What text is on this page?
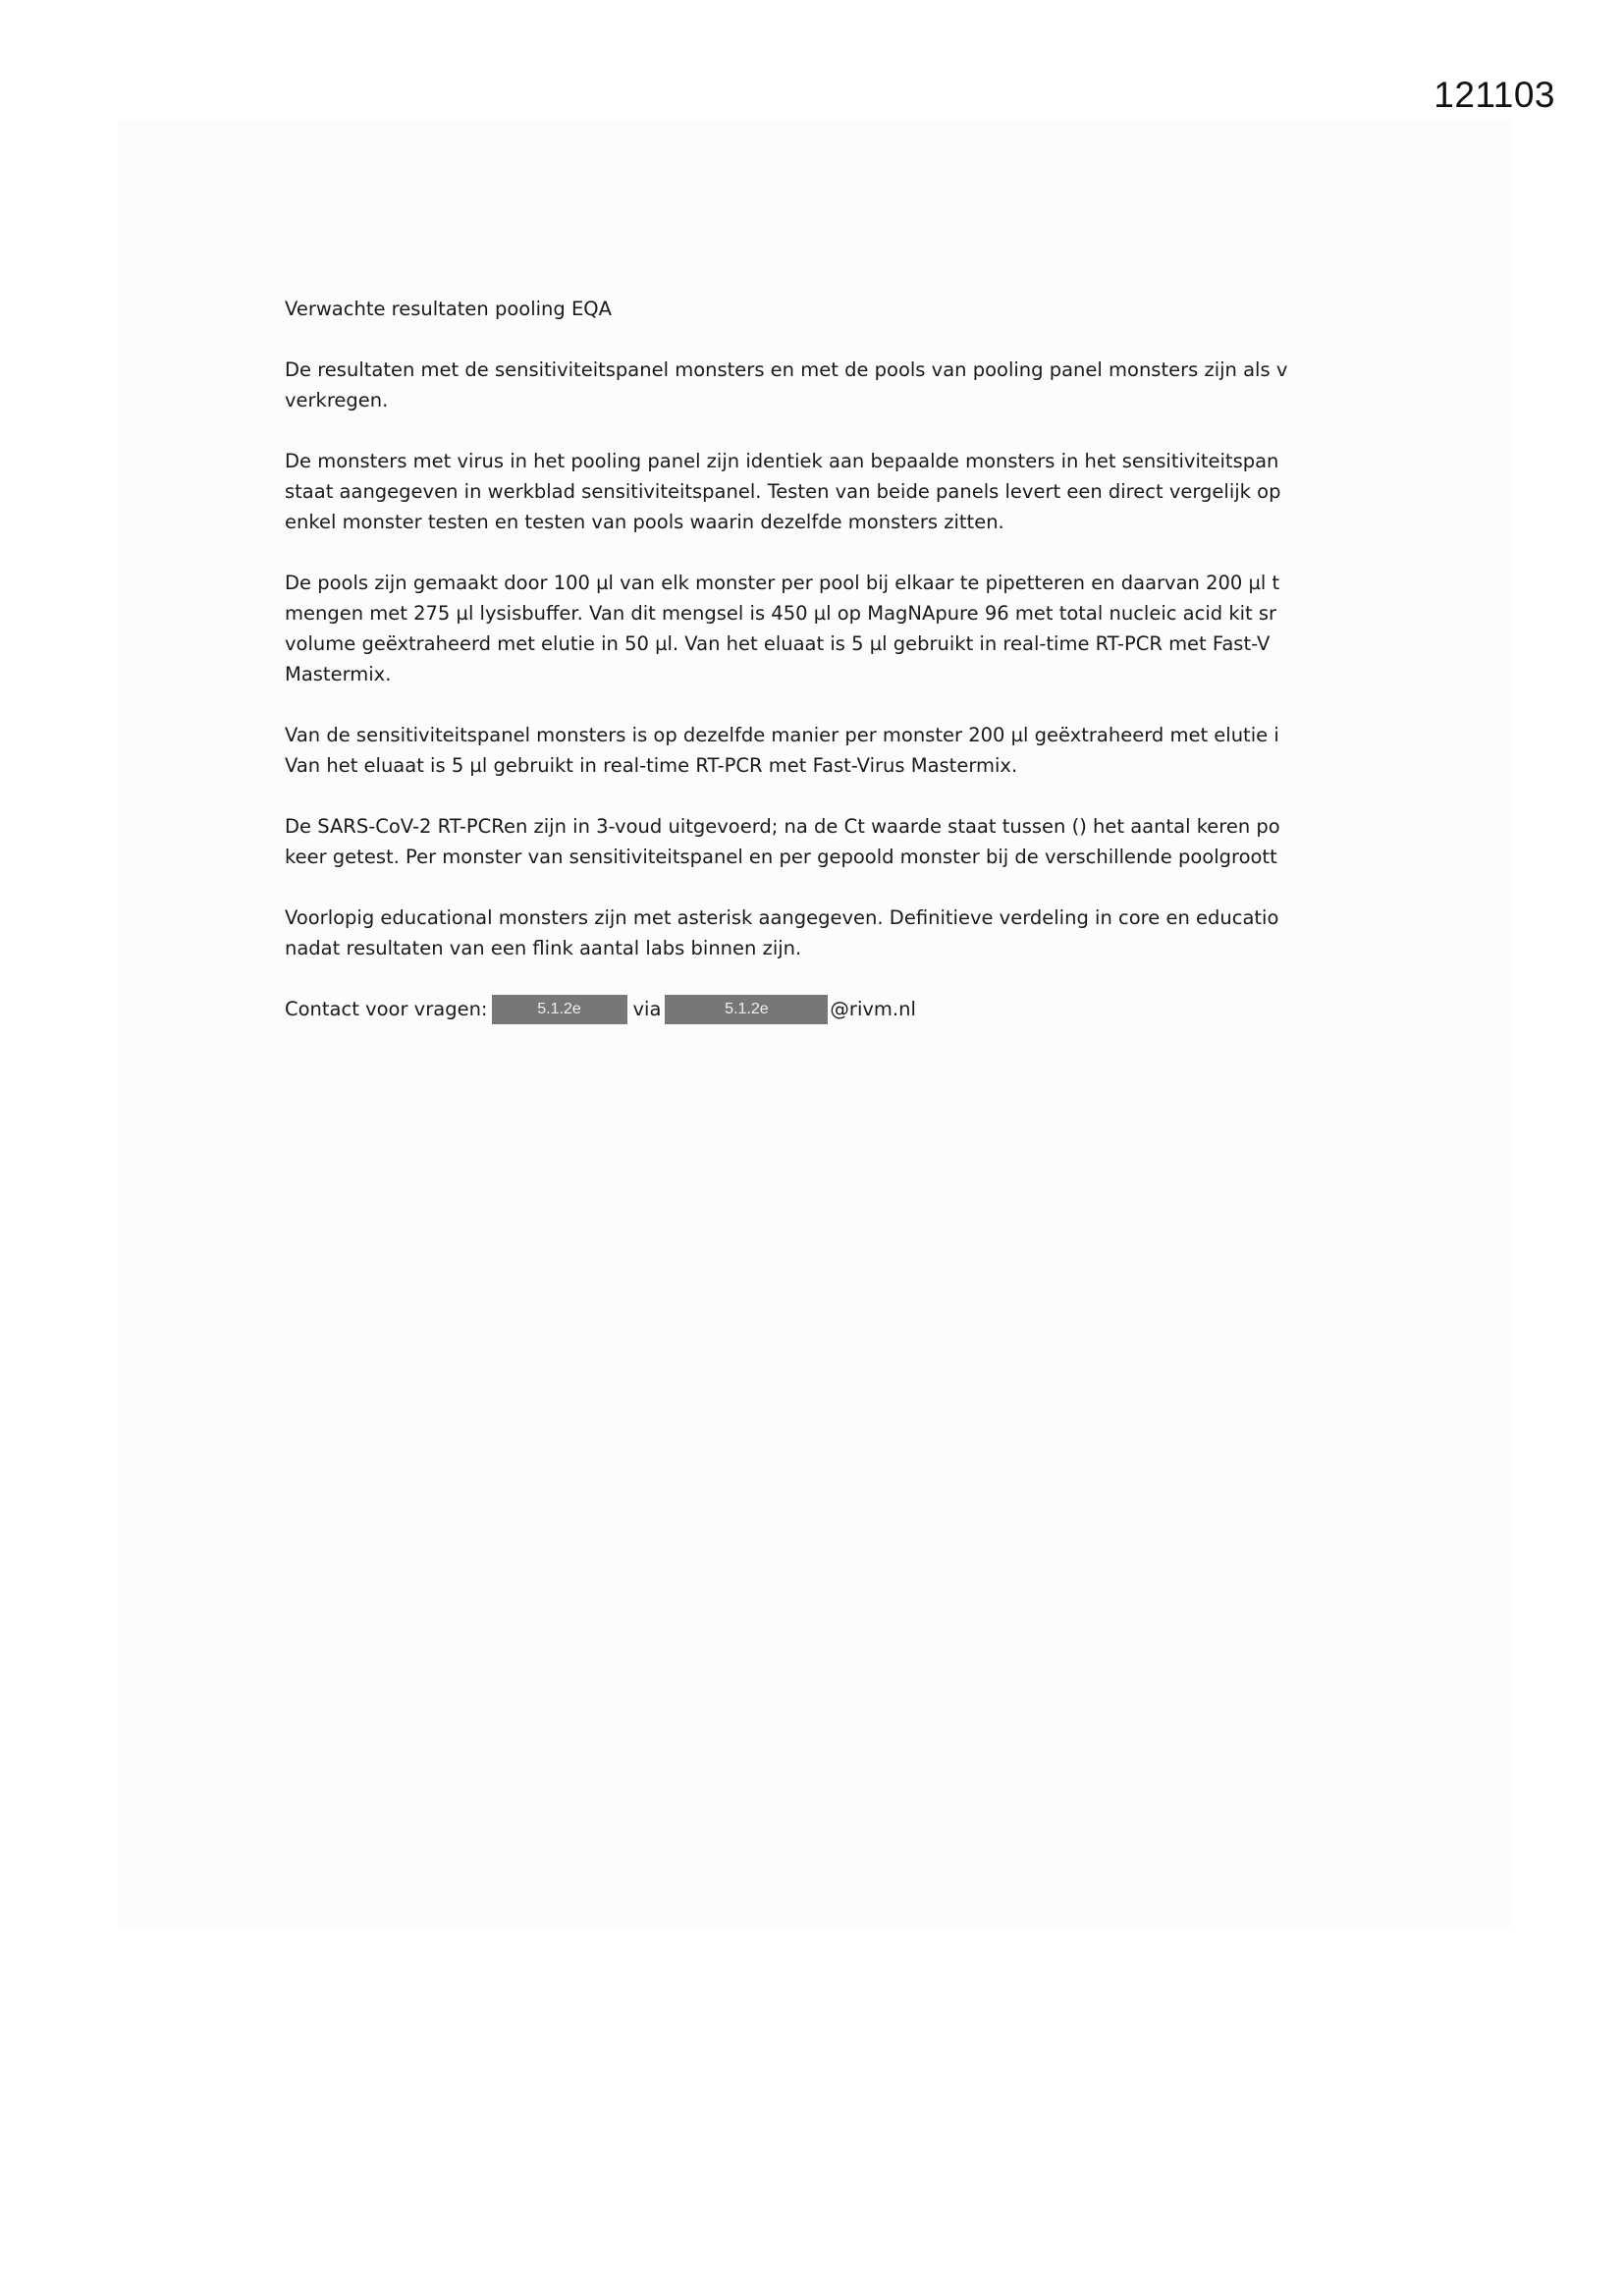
121103
Verwachte resultaten pooling EQA
De resultaten met de sensitiviteitspanel monsters en met de pools van pooling panel monsters zijn als v
verkregen.
De monsters met virus in het pooling panel zijn identiek aan bepaalde monsters in het sensitiviteitspan
staat aangegeven in werkblad sensitiviteitspanel. Testen van beide panels levert een direct vergelijk op
enkel monster testen en testen van pools waarin dezelfde monsters zitten.
De pools zijn gemaakt door 100 µl van elk monster per pool bij elkaar te pipetteren en daarvan 200 µl t
mengen met 275 µl lysisbuffer. Van dit mengsel is 450 µl op MagNApure 96 met total nucleic acid kit sr
volume geëxtraheerd met elutie in 50 µl. Van het eluaat is 5 µl gebruikt in real-time RT-PCR met Fast-V
Mastermix.
Van de sensitiviteitspanel monsters is op dezelfde manier per monster 200 µl geëxtraheerd met elutie i
Van het eluaat is 5 µl gebruikt in real-time RT-PCR met Fast-Virus Mastermix.
De SARS-CoV-2 RT-PCRen zijn in 3-voud uitgevoerd; na de Ct waarde staat tussen () het aantal keren po
keer getest. Per monster van sensitiviteitspanel en per gepoold monster bij de verschillende poolgroott
Voorlopig educational monsters zijn met asterisk aangegeven. Definitieve verdeling in core en educatio
nadat resultaten van een flink aantal labs binnen zijn.
Contact voor vragen:	5.1.2e	via	5.1.2e	@rivm.nl
